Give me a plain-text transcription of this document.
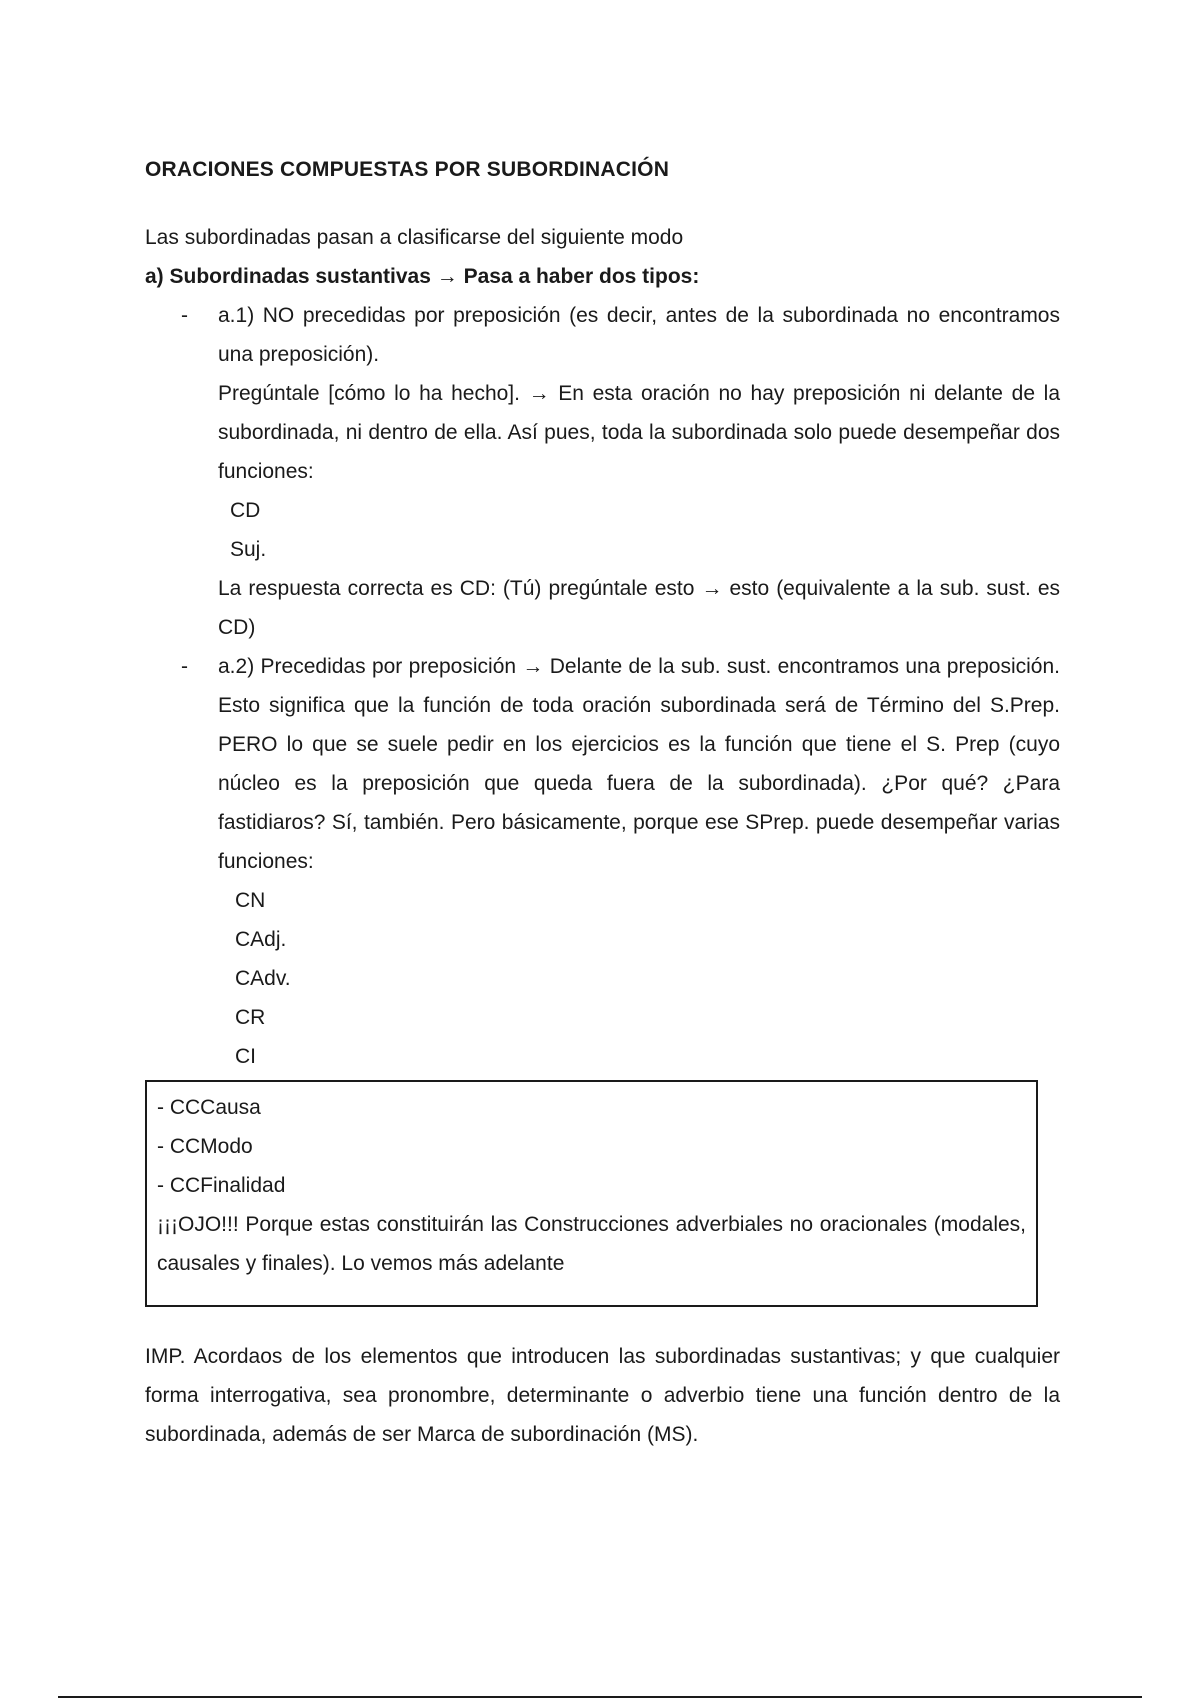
ORACIONES COMPUESTAS POR SUBORDINACIÓN
Las subordinadas pasan a clasificarse del siguiente modo
a) Subordinadas sustantivas → Pasa a haber dos tipos:
- a.1) NO precedidas por preposición (es decir, antes de la subordinada no encontramos una preposición).
Pregúntale [cómo lo ha hecho]. → En esta oración no hay preposición ni delante de la subordinada, ni dentro de ella. Así pues, toda la subordinada solo puede desempeñar dos funciones:
CD
Suj.
La respuesta correcta es CD: (Tú) pregúntale esto → esto (equivalente a la sub. sust. es CD)
- a.2) Precedidas por preposición → Delante de la sub. sust. encontramos una preposición. Esto significa que la función de toda oración subordinada será de Término del S.Prep. PERO lo que se suele pedir en los ejercicios es la función que tiene el S. Prep (cuyo núcleo es la preposición que queda fuera de la subordinada). ¿Por qué? ¿Para fastidiaros? Sí, también. Pero básicamente, porque ese SPrep. puede desempeñar varias funciones:
CN
CAdj.
CAdv.
CR
CI
- CCCausa
- CCModo
- CCFinalidad
¡¡¡OJO!!! Porque estas constituirán las Construcciones adverbiales no oracionales (modales, causales y finales). Lo vemos más adelante
IMP. Acordaos de los elementos que introducen las subordinadas sustantivas; y que cualquier forma interrogativa, sea pronombre, determinante o adverbio tiene una función dentro de la subordinada, además de ser Marca de subordinación (MS).
